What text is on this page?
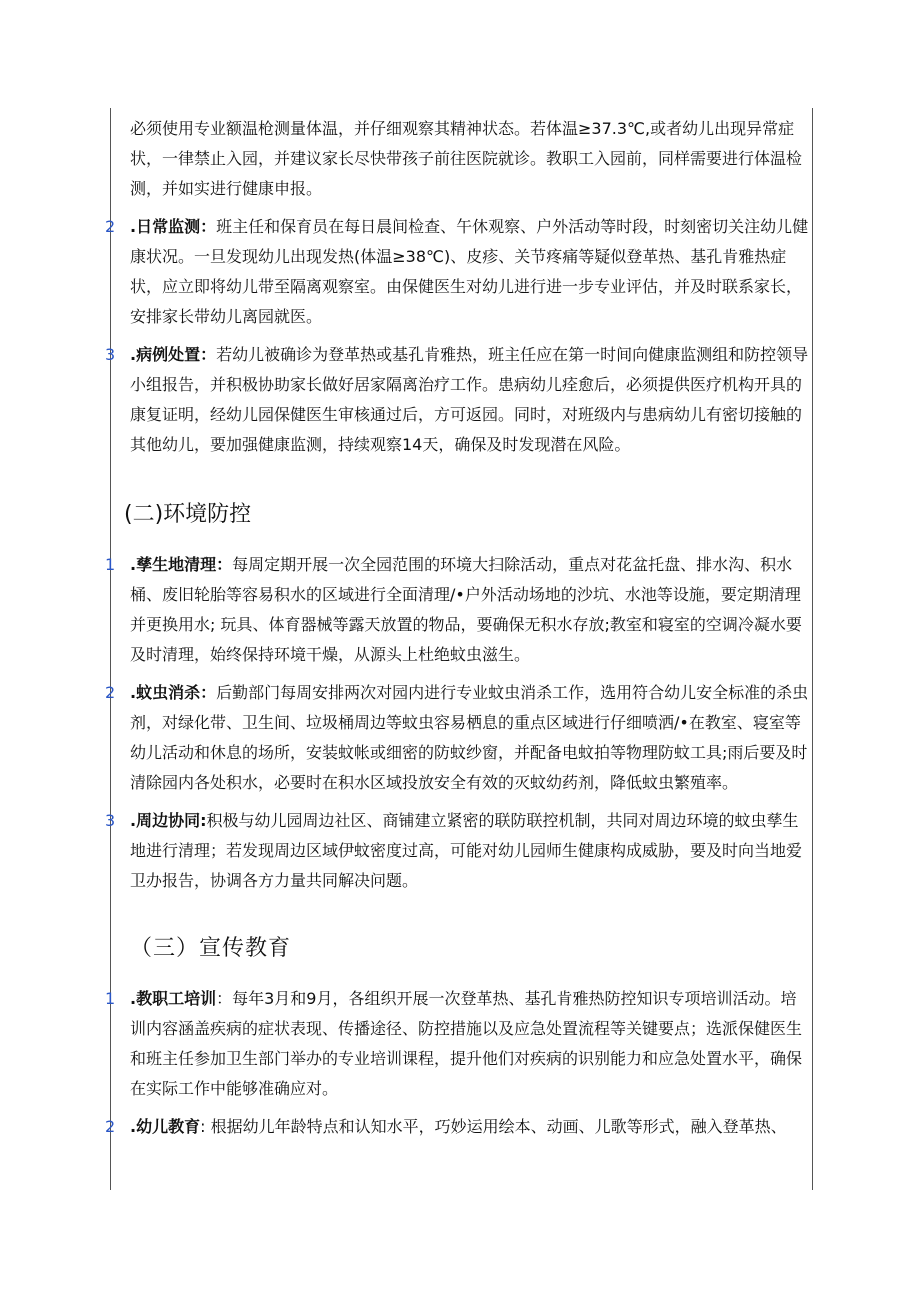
必须使用专业额温枪测量体温，并仔细观察其精神状态。若体温≥37.3℃,或者幼儿出现异常症状，一律禁止入园，并建议家长尽快带孩子前往医院就诊。教职工入园前，同样需要进行体温检测，并如实进行健康申报。

2 .日常监测：班主任和保育员在每日晨间检查、午休观察、户外活动等时段，时刻密切关注幼儿健康状况。一旦发现幼儿出现发热(体温≥38℃)、皮疹、关节疼痛等疑似登革热、基孔肯雅热症状，应立即将幼儿带至隔离观察室。由保健医生对幼儿进行进一步专业评估，并及时联系家长，安排家长带幼儿离园就医。

3 .病例处置：若幼儿被确诊为登革热或基孔肯雅热，班主任应在第一时间向健康监测组和防控领导小组报告，并积极协助家长做好居家隔离治疗工作。患病幼儿痊愈后，必须提供医疗机构开具的康复证明，经幼儿园保健医生审核通过后，方可返园。同时，对班级内与患病幼儿有密切接触的其他幼儿，要加强健康监测，持续观察14天，确保及时发现潜在风险。

(二)环境防控

1 .孳生地清理：每周定期开展一次全园范围的环境大扫除活动，重点对花盆托盘、排水沟、积水桶、废旧轮胎等容易积水的区域进行全面清理/•户外活动场地的沙坑、水池等设施，要定期清理并更换用水; 玩具、体育器械等露天放置的物品，要确保无积水存放;教室和寝室的空调冷凝水要及时清理，始终保持环境干燥，从源头上杜绝蚊虫滋生。

2 .蚊虫消杀：后勤部门每周安排两次对园内进行专业蚊虫消杀工作，选用符合幼儿安全标准的杀虫剂，对绿化带、卫生间、垃圾桶周边等蚊虫容易栖息的重点区域进行仔细喷洒/•在教室、寝室等幼儿活动和休息的场所，安装蚊帐或细密的防蚊纱窗，并配备电蚊拍等物理防蚊工具;雨后要及时清除园内各处积水，必要时在积水区域投放安全有效的灭蚊幼药剂，降低蚊虫繁殖率。

3 .周边协同:积极与幼儿园周边社区、商铺建立紧密的联防联控机制，共同对周边环境的蚊虫孳生地进行清理；若发现周边区域伊蚊密度过高，可能对幼儿园师生健康构成威胁，要及时向当地爱卫办报告，协调各方力量共同解决问题。

（三）宣传教育

1 .教职工培训：每年3月和9月，各组织开展一次登革热、基孔肯雅热防控知识专项培训活动。培训内容涵盖疾病的症状表现、传播途径、防控措施以及应急处置流程等关键要点；选派保健医生和班主任参加卫生部门举办的专业培训课程，提升他们对疾病的识别能力和应急处置水平，确保在实际工作中能够准确应对。

2 .幼儿教育: 根据幼儿年龄特点和认知水平，巧妙运用绘本、动画、儿歌等形式，融入登革热、
